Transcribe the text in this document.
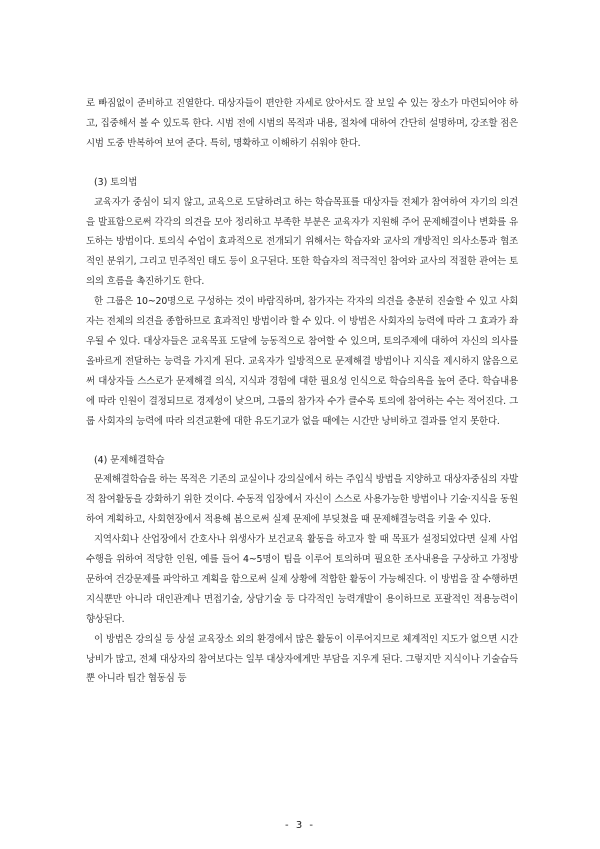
로 빠짐없이 준비하고 진열한다. 대상자들이 편안한 자세로 앉아서도 잘 보일 수 있는 장소가 마련되어야 하고, 집중해서 볼 수 있도록 한다. 시범 전에 시범의 목적과 내용, 절차에 대하여 간단히 설명하며, 강조할 점은 시범 도중 반복하여 보여 준다. 특히, 명확하고 이해하기 쉬워야 한다.

(3) 토의법

교육자가 중심이 되지 않고, 교육으로 도달하려고 하는 학습목표를 대상자들 전체가 참여하여 자기의 의견을 발표함으로써 각각의 의견을 모아 정리하고 부족한 부분은 교육자가 지원해 주어 문제해결이나 변화를 유도하는 방법이다. 토의식 수업이 효과적으로 전개되기 위해서는 학습자와 교사의 개방적인 의사소통과 협조적인 분위기, 그리고 민주적인 태도 등이 요구된다. 또한 학습자의 적극적인 참여와 교사의 적절한 관여는 토의의 흐름을 촉진하기도 한다.

한 그룹은 10~20명으로 구성하는 것이 바람직하며, 참가자는 각자의 의견을 충분히 진술할 수 있고 사회자는 전체의 의견을 종합하므로 효과적인 방법이라 할 수 있다. 이 방법은 사회자의 능력에 따라 그 효과가 좌우될 수 있다. 대상자들은 교육목표 도달에 능동적으로 참여할 수 있으며, 토의주제에 대하여 자신의 의사를 올바르게 전달하는 능력을 가지게 된다. 교육자가 일방적으로 문제해결 방법이나 지식을 제시하지 않음으로써 대상자들 스스로가 문제해결 의식, 지식과 경험에 대한 필요성 인식으로 학습의욕을 높여 준다. 학습내용에 따라 인원이 결정되므로 경제성이 낮으며, 그룹의 참가자 수가 클수록 토의에 참여하는 수는 적어진다. 그룹 사회자의 능력에 따라 의견교환에 대한 유도기교가 없을 때에는 시간만 낭비하고 결과를 얻지 못한다.

(4) 문제해결학습

문제해결학습을 하는 목적은 기존의 교실이나 강의실에서 하는 주입식 방법을 지양하고 대상자중심의 자발적 참여활동을 강화하기 위한 것이다. 수동적 입장에서 자신이 스스로 사용가능한 방법이나 기술·지식을 동원하여 계획하고, 사회현장에서 적용해 봄으로써 실제 문제에 부딪쳤을 때 문제해결능력을 키울 수 있다.

지역사회나 산업장에서 간호사나 위생사가 보건교육 활동을 하고자 할 때 목표가 설정되었다면 실제 사업수행을 위하여 적당한 인원, 예를 들어 4~5명이 팀을 이루어 토의하며 필요한 조사내용을 구상하고 가정방문하여 건강문제를 파악하고 계획을 함으로써 실제 상황에 적합한 활동이 가능해진다. 이 방법을 잘 수행하면 지식뿐만 아니라 대인관계나 면접기술, 상담기술 등 다각적인 능력개발이 용이하므로 포괄적인 적용능력이 향상된다.

이 방법은 강의실 등 상설 교육장소 외의 환경에서 많은 활동이 이루어지므로 체계적인 지도가 없으면 시간낭비가 많고, 전체 대상자의 참여보다는 일부 대상자에게만 부담을 지우게 된다. 그렇지만 지식이나 기술습득뿐 아니라 팀간 협동심 등

- 3 -
